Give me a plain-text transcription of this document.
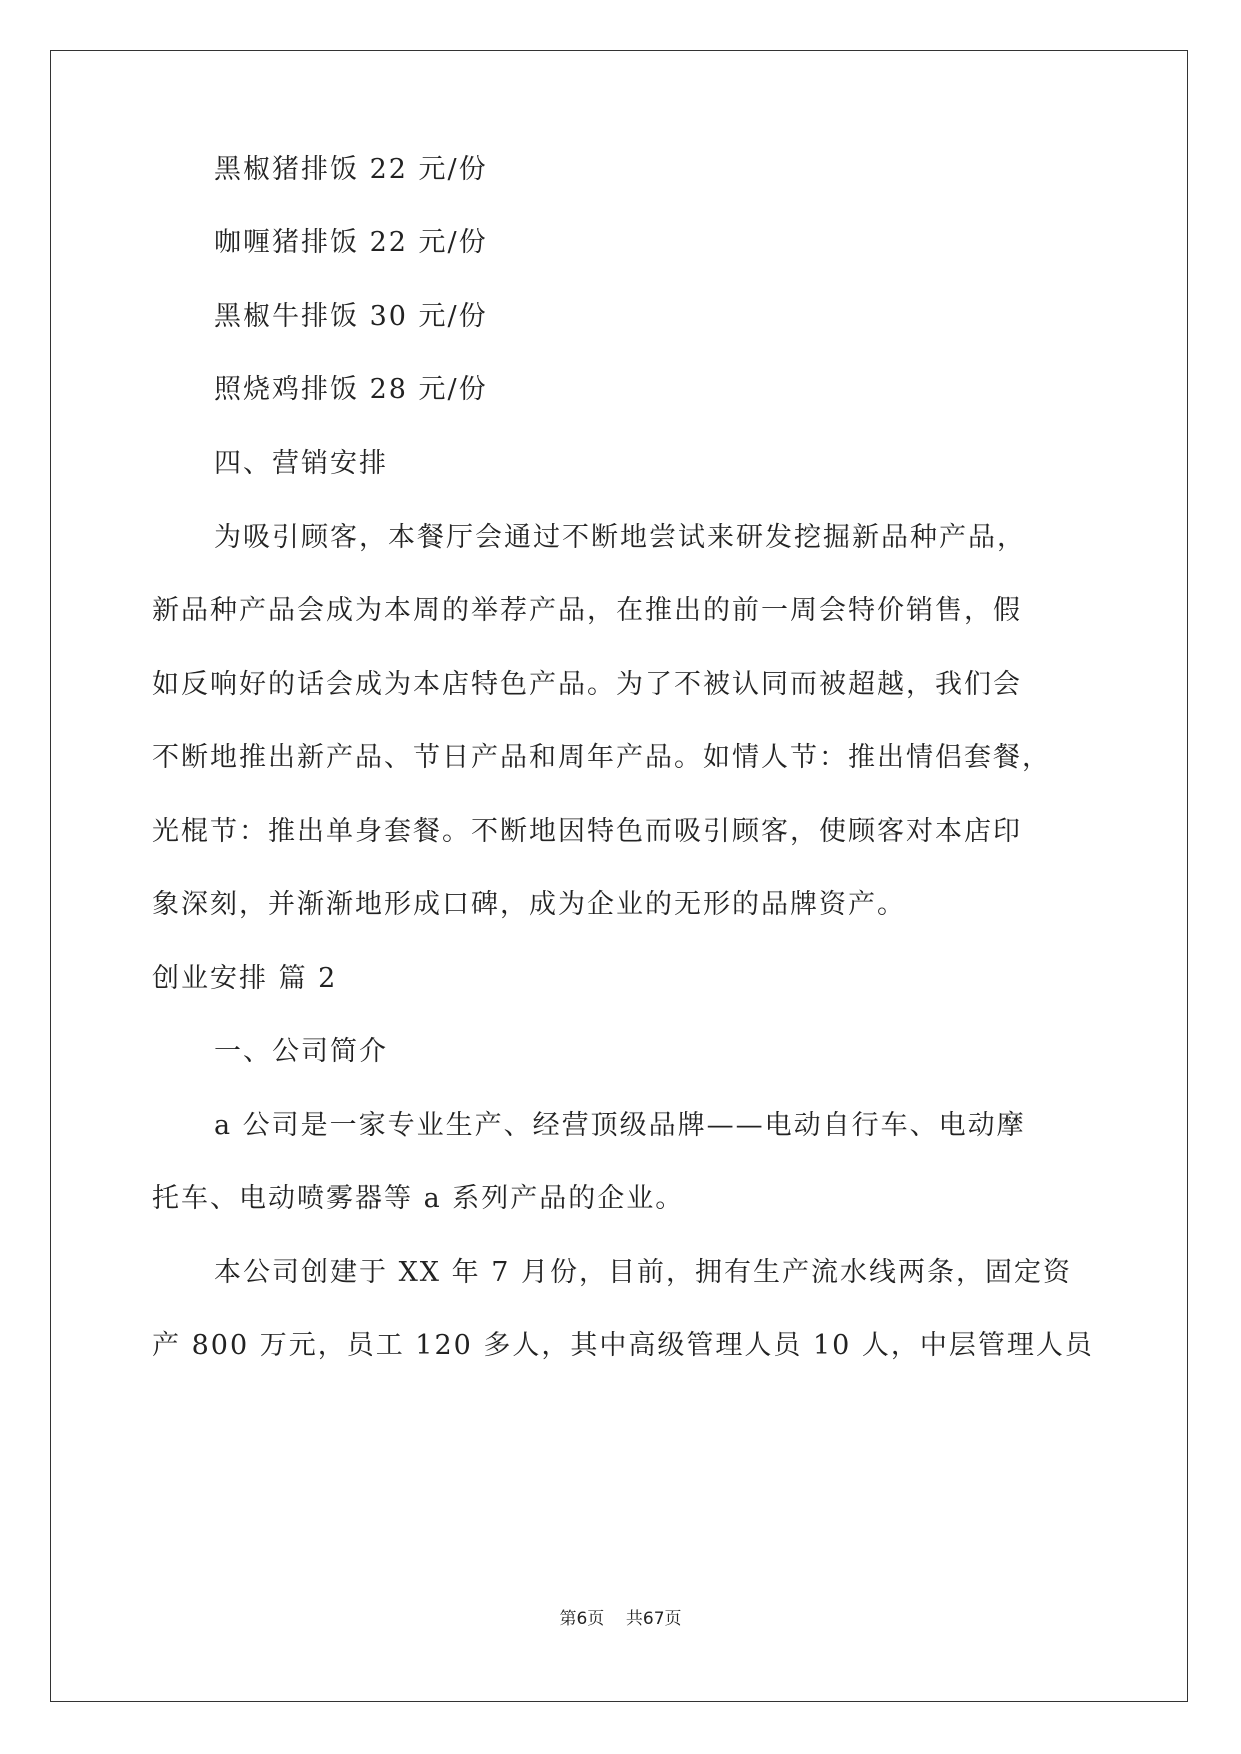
黑椒猪排饭 22 元/份
咖喱猪排饭 22 元/份
黑椒牛排饭 30 元/份
照烧鸡排饭 28 元/份
四、营销安排
为吸引顾客，本餐厅会通过不断地尝试来研发挖掘新品种产品，
新品种产品会成为本周的举荐产品，在推出的前一周会特价销售，假
如反响好的话会成为本店特色产品。为了不被认同而被超越，我们会
不断地推出新产品、节日产品和周年产品。如情人节：推出情侣套餐，
光棍节：推出单身套餐。不断地因特色而吸引顾客，使顾客对本店印
象深刻，并渐渐地形成口碑，成为企业的无形的品牌资产。
创业安排 篇 2
一、公司简介
a 公司是一家专业生产、经营顶级品牌——电动自行车、电动摩
托车、电动喷雾器等 a 系列产品的企业。
本公司创建于 XX 年 7 月份，目前，拥有生产流水线两条，固定资
产 800 万元，员工 120 多人，其中高级管理人员 10 人，中层管理人员
第6页    共67页
